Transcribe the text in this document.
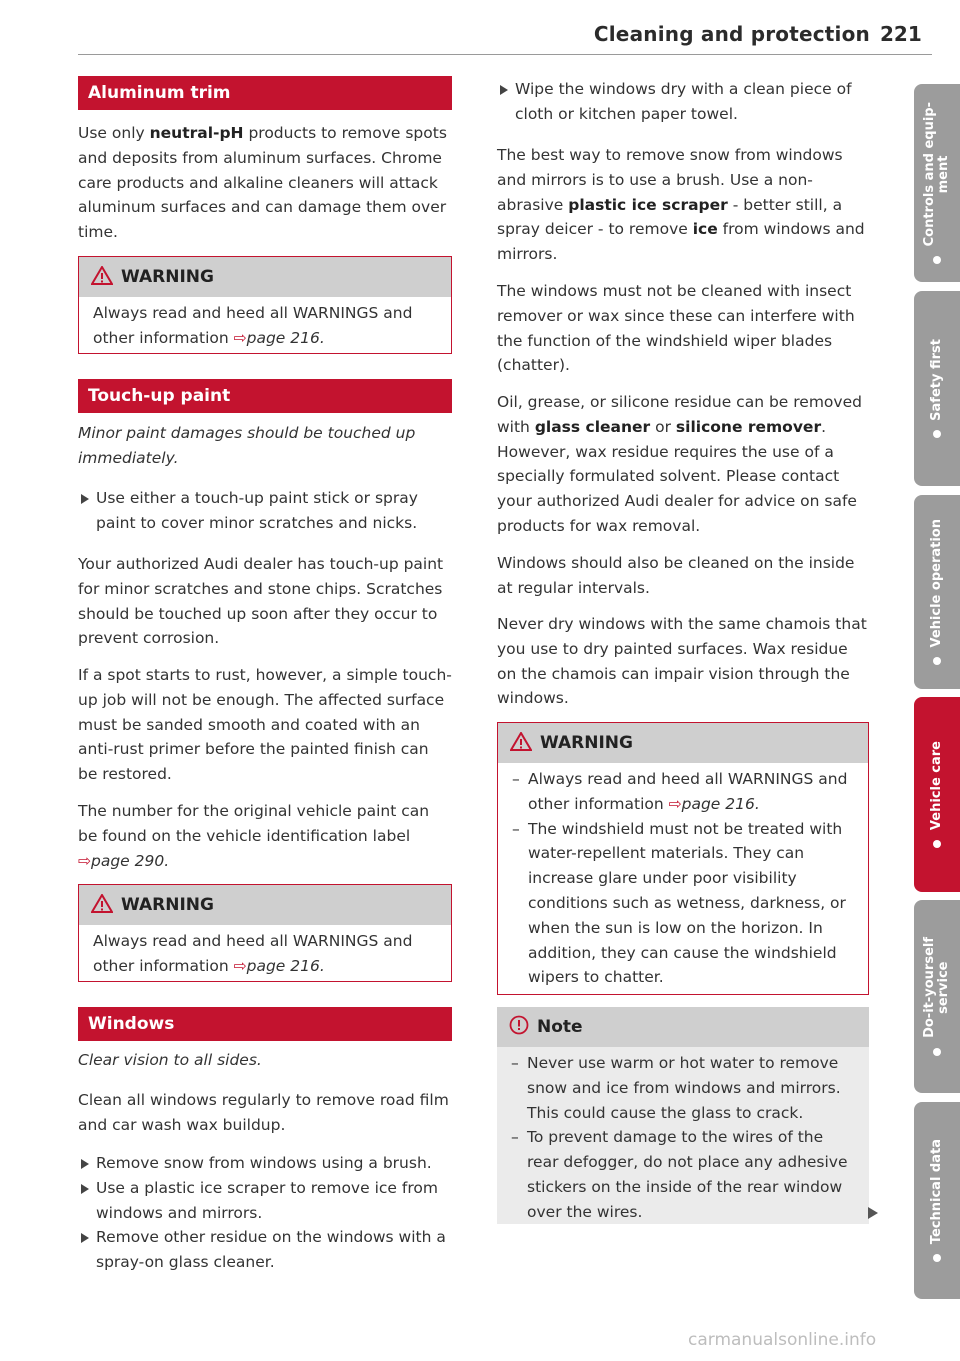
Cleaning and protection 221
Aluminum trim
Use only neutral-pH products to remove spots and deposits from aluminum surfaces. Chrome care products and alkaline cleaners will attack aluminum surfaces and can damage them over time.
WARNING
Always read and heed all WARNINGS and other information ⇨page 216.
Touch-up paint
Minor paint damages should be touched up immediately.
Use either a touch-up paint stick or spray paint to cover minor scratches and nicks.
Your authorized Audi dealer has touch-up paint for minor scratches and stone chips. Scratches should be touched up soon after they occur to prevent corrosion.
If a spot starts to rust, however, a simple touch-up job will not be enough. The affected surface must be sanded smooth and coated with an anti-rust primer before the painted finish can be restored.
The number for the original vehicle paint can be found on the vehicle identification label
⇨page 290.
WARNING
Always read and heed all WARNINGS and other information ⇨page 216.
Windows
Clear vision to all sides.
Clean all windows regularly to remove road film and car wash wax buildup.
Remove snow from windows using a brush.
Use a plastic ice scraper to remove ice from windows and mirrors.
Remove other residue on the windows with a spray-on glass cleaner.
Wipe the windows dry with a clean piece of cloth or kitchen paper towel.
The best way to remove snow from windows and mirrors is to use a brush. Use a non-abrasive plastic ice scraper - better still, a spray deicer - to remove ice from windows and mirrors.
The windows must not be cleaned with insect remover or wax since these can interfere with the function of the windshield wiper blades (chatter).
Oil, grease, or silicone residue can be removed with glass cleaner or silicone remover. However, wax residue requires the use of a specially formulated solvent. Please contact your authorized Audi dealer for advice on safe products for wax removal.
Windows should also be cleaned on the inside at regular intervals.
Never dry windows with the same chamois that you use to dry painted surfaces. Wax residue on the chamois can impair vision through the windows.
WARNING
– Always read and heed all WARNINGS and other information ⇨page 216.
– The windshield must not be treated with water-repellent materials. They can increase glare under poor visibility conditions such as wetness, darkness, or when the sun is low on the horizon. In addition, they can cause the windshield wipers to chatter.
Note
– Never use warm or hot water to remove snow and ice from windows and mirrors. This could cause the glass to crack.
– To prevent damage to the wires of the rear defogger, do not place any adhesive stickers on the inside of the rear window over the wires.
Controls and equip-
ment
Safety first
Vehicle operation
Vehicle care
Do-it-yourself
service
Technical data
carmanualsonline.info
